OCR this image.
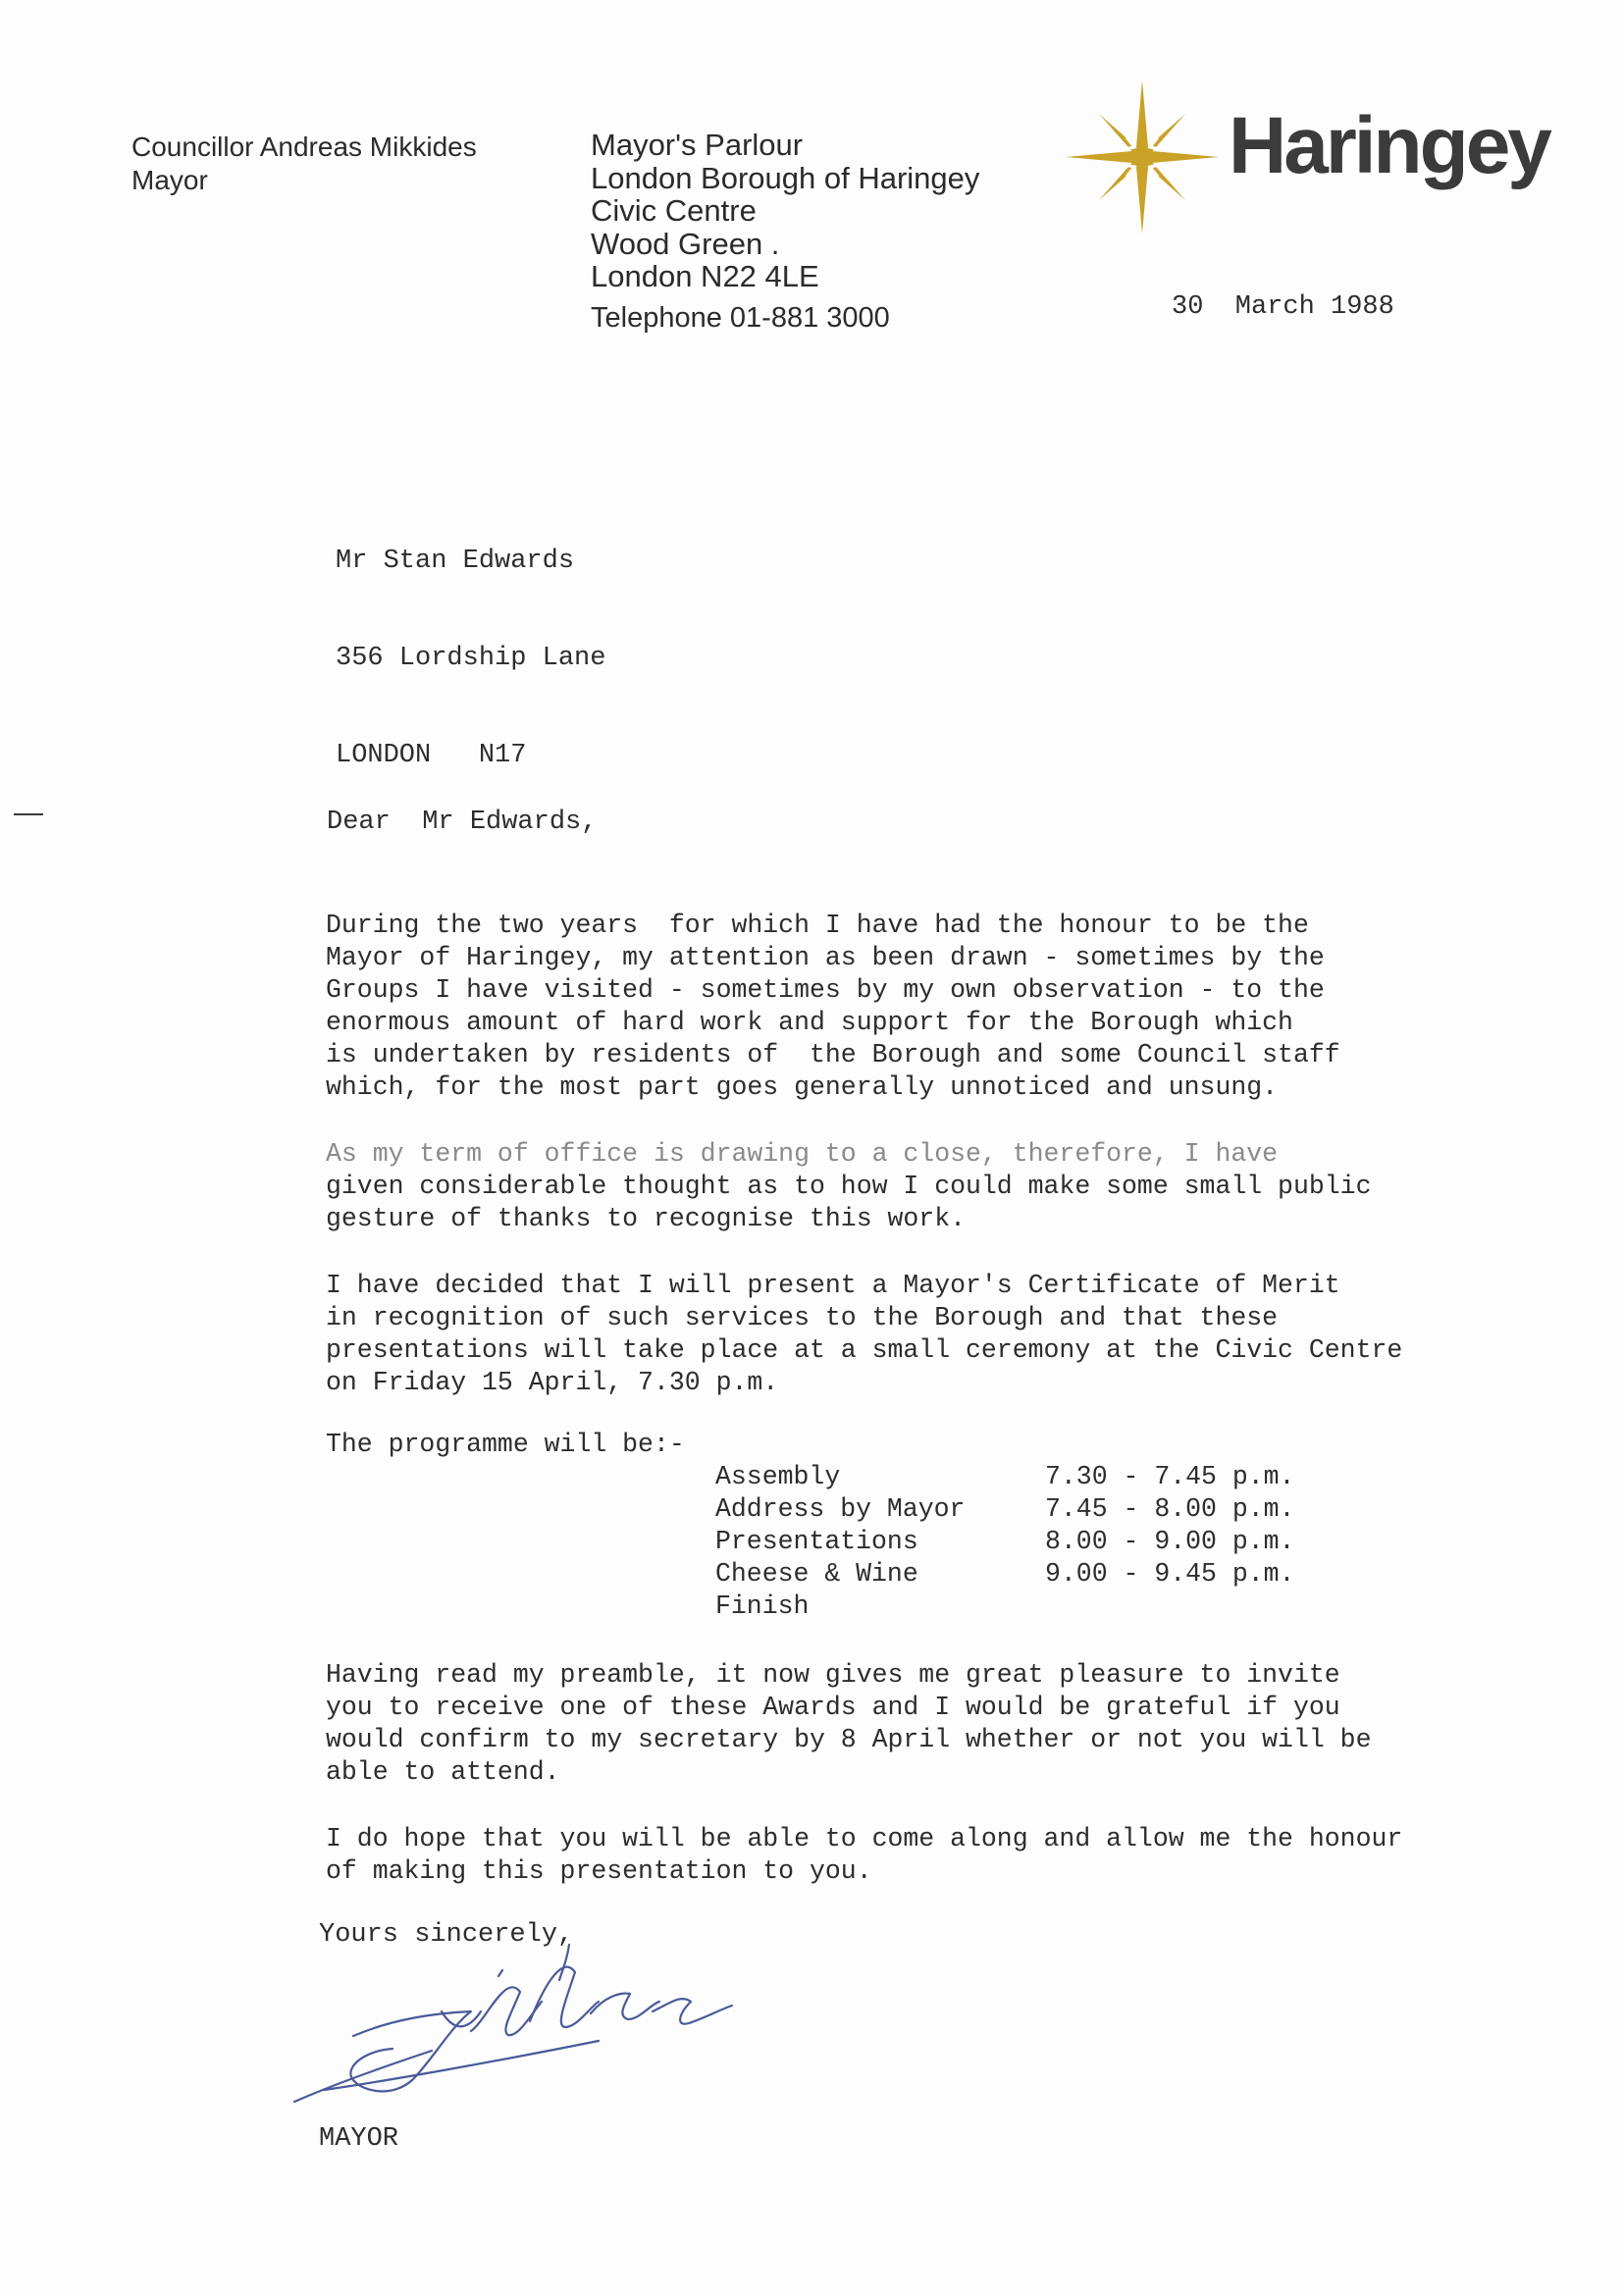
Councillor Andreas Mikkides
Mayor
Mayor's Parlour
London Borough of Haringey
Civic Centre
Wood Green .
London N22 4LE
Telephone 01-881 3000
Haringey
30  March 1988

Mr Stan Edwards

356 Lordship Lane

LONDON   N17

Dear  Mr Edwards,
During the two years  for which I have had the honour to be the
Mayor of Haringey, my attention as been drawn - sometimes by the
Groups I have visited - sometimes by my own observation - to the
enormous amount of hard work and support for the Borough which
is undertaken by residents of  the Borough and some Council staff
which, for the most part goes generally unnoticed and unsung.
As my term of office is drawing to a close, therefore, I have
given considerable thought as to how I could make some small public
gesture of thanks to recognise this work.
I have decided that I will present a Mayor's Certificate of Merit
in recognition of such services to the Borough and that these
presentations will take place at a small ceremony at the Civic Centre
on Friday 15 April, 7.30 p.m.
The programme will be:-
Assembly	7.30 - 7.45 p.m.
Address by Mayor	7.45 - 8.00 p.m.
Presentations	8.00 - 9.00 p.m.
Cheese & Wine	9.00 - 9.45 p.m.
Finish	
Having read my preamble, it now gives me great pleasure to invite
you to receive one of these Awards and I would be grateful if you
would confirm to my secretary by 8 April whether or not you will be
able to attend.
I do hope that you will be able to come along and allow me the honour
of making this presentation to you.
Yours sincerely,
MAYOR
